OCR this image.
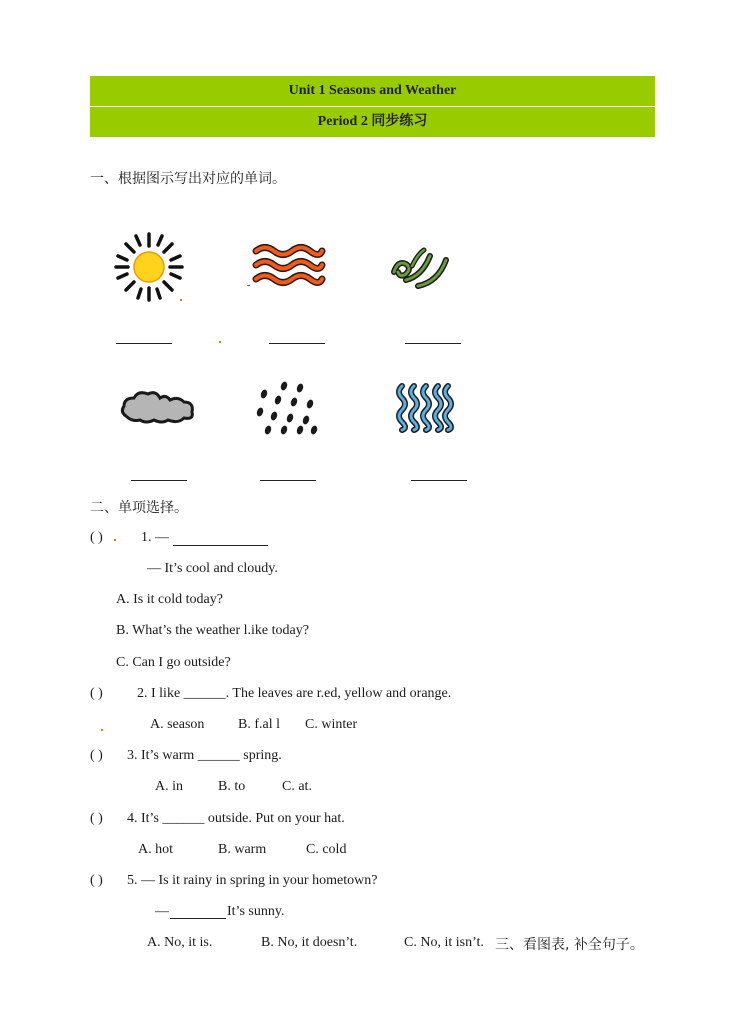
Unit 1 Seasons and Weather
Period 2 同步练习
一、根据图示写出对应的单词。
-
二、单项选择。
( )	1. —
— It’s cool and cloudy.
A. Is it cold today?
B. What’s the weather l.ike today?
C. Can I go outside?
( ) 2. I like ______. The leaves are r.ed, yellow and orange.
A. season B. f.al l C. winter
( ) 3. It’s warm ______ spring.
A. in	B. to	C. at.
( ) 4. It’s ______ outside. Put on your hat.
A. hot	B. warm	C. cold
( ) 5. — Is it rainy in spring in your hometown?
—	It’s sunny.
A. No, it is.	B. No, it doesn’t.	C. No, it isn’t. 三、看图表, 补全句子。
